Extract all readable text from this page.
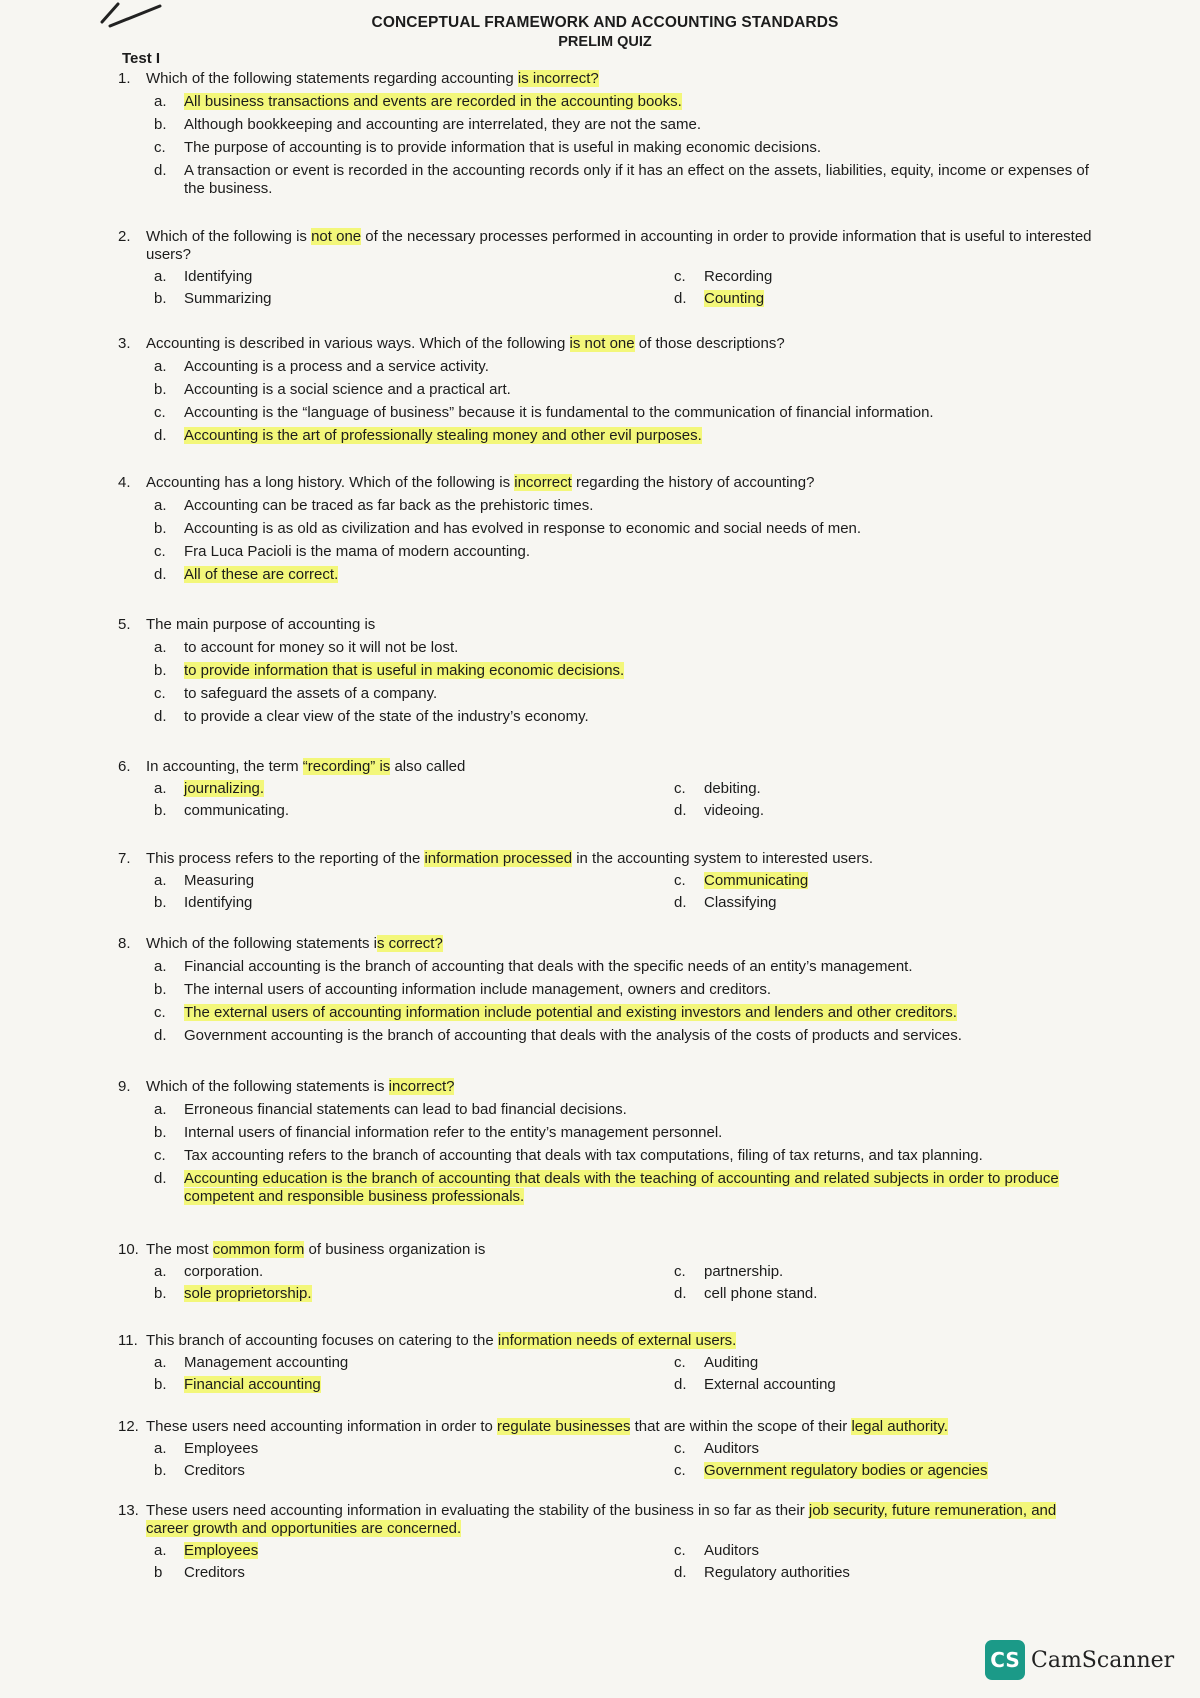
CONCEPTUAL FRAMEWORK AND ACCOUNTING STANDARDS
PRELIM QUIZ
Test I
1.	Which of the following statements regarding accounting is incorrect?
a.	All business transactions and events are recorded in the accounting books.
b.	Although bookkeeping and accounting are interrelated, they are not the same.
c.	The purpose of accounting is to provide information that is useful in making economic decisions.
d.	A transaction or event is recorded in the accounting records only if it has an effect on the assets, liabilities, equity, income or expenses of the business.
2.	Which of the following is not one of the necessary processes performed in accounting in order to provide information that is useful to interested users?
a.	Identifying	c.	Recording
b.	Summarizing	d.	Counting
3.	Accounting is described in various ways. Which of the following is not one of those descriptions?
a.	Accounting is a process and a service activity.
b.	Accounting is a social science and a practical art.
c.	Accounting is the “language of business” because it is fundamental to the communication of financial information.
d.	Accounting is the art of professionally stealing money and other evil purposes.
4.	Accounting has a long history. Which of the following is incorrect regarding the history of accounting?
a.	Accounting can be traced as far back as the prehistoric times.
b.	Accounting is as old as civilization and has evolved in response to economic and social needs of men.
c.	Fra Luca Pacioli is the mama of modern accounting.
d.	All of these are correct.
5.	The main purpose of accounting is
a.	to account for money so it will not be lost.
b.	to provide information that is useful in making economic decisions.
c.	to safeguard the assets of a company.
d.	to provide a clear view of the state of the industry’s economy.
6.	In accounting, the term “recording” is also called
a.	journalizing.	c.	debiting.
b.	communicating.	d.	videoing.
7.	This process refers to the reporting of the information processed in the accounting system to interested users.
a.	Measuring	c.	Communicating
b.	Identifying	d.	Classifying
8.	Which of the following statements is correct?
a.	Financial accounting is the branch of accounting that deals with the specific needs of an entity’s management.
b.	The internal users of accounting information include management, owners and creditors.
c.	The external users of accounting information include potential and existing investors and lenders and other creditors.
d.	Government accounting is the branch of accounting that deals with the analysis of the costs of products and services.
9.	Which of the following statements is incorrect?
a.	Erroneous financial statements can lead to bad financial decisions.
b.	Internal users of financial information refer to the entity’s management personnel.
c.	Tax accounting refers to the branch of accounting that deals with tax computations, filing of tax returns, and tax planning.
d.	Accounting education is the branch of accounting that deals with the teaching of accounting and related subjects in order to produce competent and responsible business professionals.
10. The most common form of business organization is
a.	corporation.	c.	partnership.
b.	sole proprietorship.	d.	cell phone stand.
11. This branch of accounting focuses on catering to the information needs of external users.
a.	Management accounting	c.	Auditing
b.	Financial accounting	d.	External accounting
12. These users need accounting information in order to regulate businesses that are within the scope of their legal authority.
a.	Employees	c.	Auditors
b.	Creditors	c.	Government regulatory bodies or agencies
13. These users need accounting information in evaluating the stability of the business in so far as their job security, future remuneration, and career growth and opportunities are concerned.
a.	Employees	c.	Auditors
b	Creditors	d.	Regulatory authorities
CS CamScanner
